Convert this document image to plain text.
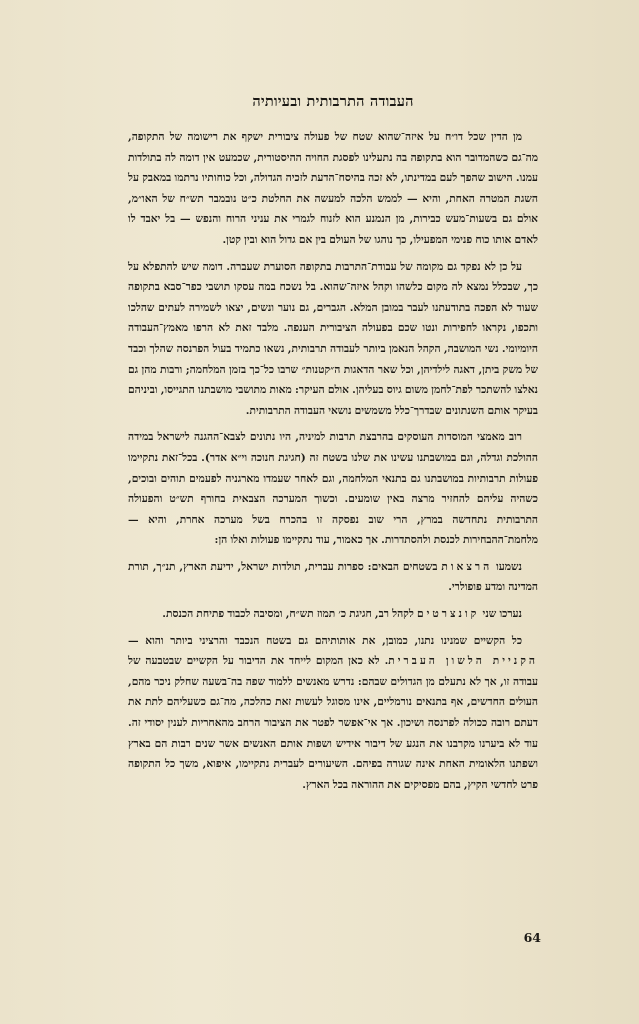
העבודה התרבותית ובעיותיה

מן הדין שכל דו״ח על איזה־שהוא שטח של פעולה ציבורית ישקף את רישומה של התקופה, מה־גם כשהמדובר הוא בתקופה בה נתעלינו לפסגת החויה ההיסטורית, שכמעט אין דומה לה בתולדות עמנו. הישוב שהפך לעם במדינתו, לא זכה בהיסח־הדעת לזכיה הגדולה, וכל כוחותיו נרתמו במאבק על השגת המטרה האחת, והיא — לממש הלכה למעשה את החלטת כ״ט נובמבר תש״ח של האו״מ, אולם גם בשעות־מעש כבירות, מן הנמנע הוא לזנוח לגמרי את עניני הרוח והנפש — בל יאבד לו לאדם אותו כוח פנימי המפעילו, כך נוהגו של העולם בין אם גדול הוא ובין קטן.

על כן לא נפקד גם מקומה של עבודת־התרבות בתקופה הסוערת שעברה. דומה שיש להתפלא על כך, שבכלל נמצא לה מקום כלשהו וקהל איזה־שהוא. בל נשכח במה עסקו תושבי כפר־סבא בתקופה שעוד לא הפכה בתודעתנו לעבר במובן המלא. הגברים, גם נוער ונשים, יצאו לשמירה לעתים שהלכו ותכפו, נקראו לחפירות ונטו שכם בפעולה הציבורית הענפה. מלבד זאת לא הרפו מאמץ־העבודה היומיומי. נשי המושבה, הקהל הנאמן ביותר לעבודה תרבותית, נשאו כתמיד בעול הפרנסה שהלך וכבד של משק ביתן, דאגה לילדיהן, וכל שאר הדאגות ה״קטנות״ שרבו כל־כך בזמן המלחמה; ורבות מהן גם נאלצו להשתכר לפת־לחמן משום גיוס בעליהן. אולם העיקר: מאות מתושבי מושבתנו התגייסו, וביניהם בעיקר אותם השנתונים שבדרך־כלל משמשים נושאי העבודה התרבותית.

רוב מאמצי המוסדות העוסקים בהרבצת תרבות למיניה, היו נתונים לצבא־ההגנה לישראל במידה ההולכת וגדלה, וגם במושבתנו עשינו את שלנו בשטח זה (חגיגת חנוכה וי״א אדר). בכל־זאת נתקיימו פעולות תרבותיות במושבתנו גם בתנאי המלחמה, וגם לאחר שעמדו מארגניה לפעמים תוהים ובוכים, כשהיה עליהם להחזיר מרצה באין שומעים. וכשוך המערכה הצבאית בחורף תש״ט והפעולה התרבותית נתחדשה במרץ, הרי שוב נפסקה זו בהכרח בשל מערכה אחרת, והיא — מלחמת־ההבחירות לכנסת ולהסתדרות. אך כאמור, עוד נתקיימו פעולות ואלו הן:

נשמעו הרצאות בשטחים הבאים: ספרות עברית, תולדות ישראל, ידיעת הארץ, תנ״ך, תורת המדינה ומדע פופולרי.

נערכו שני קונצרטים לקהל רב, חגיגת כ׳ תמוז תש״ח, ומסיבה לכבוד פתיחת הכנסת.

כל הקשיים שמנינו נתנו, כמובן, את אותותיהם גם בשטח הנכבד והרציני ביותר והוא — הקניית הלשון העברית. לא כאן המקום לייחד את הדיבור על הקשיים שבטבעה של עבודה זו, אך לא נתעלם מן הגדולים שבהם: נדרש מאנשים ללמוד שפה בה־בשעה שחלק ניכר מהם, העולים החדשים, אף בתנאים נורמליים, אינו מסוגל לעשות זאת כהלכה, מה־גם כשעליהם לתת את דעתם רובה ככולה לפרנסה ושיכון. אך אי־אפשר לפטר את הציבור הרחב מהאחריות לענין יסודי זה. עוד לא ביערנו מקרבנו את הנגע של דיבור אידיש ושפות אותם האנשים אשר שנים רבות הם בארץ ושפתנו הלאומית האחת אינה שגורה בפיהם. השיעורים לעברית נתקיימו, איפוא, משך כל התקופה פרט לחדשי הקיץ, בהם מפסיקים את ההוראה בכל הארץ.

64
